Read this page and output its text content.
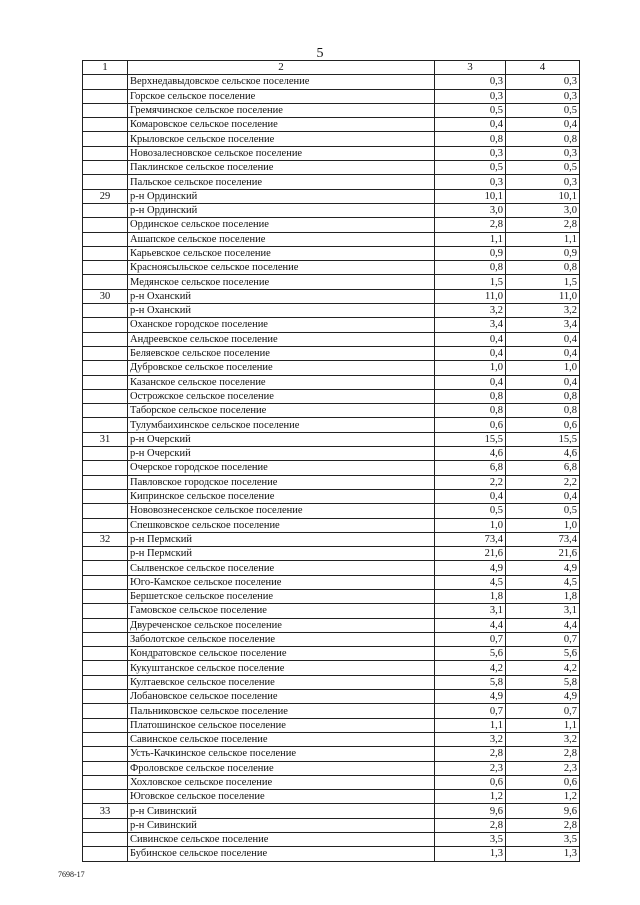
5
1	2	3	4
	Верхнедавыдовское сельское поселение	0,3	0,3
	Горское сельское поселение	0,3	0,3
	Гремячинское сельское поселение	0,5	0,5
	Комаровское сельское поселение	0,4	0,4
	Крыловское сельское поселение	0,8	0,8
	Новозалесновское сельское поселение	0,3	0,3
	Паклинское сельское поселение	0,5	0,5
	Пальское сельское поселение	0,3	0,3
29	р-н Ординский	10,1	10,1
	р-н Ординский	3,0	3,0
	Ординское сельское поселение	2,8	2,8
	Ашапское сельское поселение	1,1	1,1
	Карьевское сельское поселение	0,9	0,9
	Красноясыльское сельское поселение	0,8	0,8
	Медянское сельское поселение	1,5	1,5
30	р-н Оханский	11,0	11,0
	р-н Оханский	3,2	3,2
	Оханское городское поселение	3,4	3,4
	Андреевское сельское поселение	0,4	0,4
	Беляевское сельское поселение	0,4	0,4
	Дубровское сельское поселение	1,0	1,0
	Казанское сельское поселение	0,4	0,4
	Острожское сельское поселение	0,8	0,8
	Таборское сельское поселение	0,8	0,8
	Тулумбаихинское сельское поселение	0,6	0,6
31	р-н Очерский	15,5	15,5
	р-н Очерский	4,6	4,6
	Очерское городское поселение	6,8	6,8
	Павловское городское поселение	2,2	2,2
	Кипринское сельское поселение	0,4	0,4
	Нововознесенское сельское поселение	0,5	0,5
	Спешковское сельское поселение	1,0	1,0
32	р-н Пермский	73,4	73,4
	р-н Пермский	21,6	21,6
	Сылвенское сельское поселение	4,9	4,9
	Юго-Камское сельское поселение	4,5	4,5
	Бершетское сельское поселение	1,8	1,8
	Гамовское сельское поселение	3,1	3,1
	Двуреченское сельское поселение	4,4	4,4
	Заболотское сельское поселение	0,7	0,7
	Кондратовское сельское поселение	5,6	5,6
	Кукуштанское сельское поселение	4,2	4,2
	Култаевское сельское поселение	5,8	5,8
	Лобановское сельское поселение	4,9	4,9
	Пальниковское сельское поселение	0,7	0,7
	Платошинское сельское поселение	1,1	1,1
	Савинское сельское поселение	3,2	3,2
	Усть-Качкинское сельское поселение	2,8	2,8
	Фроловское сельское поселение	2,3	2,3
	Хохловское сельское поселение	0,6	0,6
	Юговское сельское поселение	1,2	1,2
33	р-н Сивинский	9,6	9,6
	р-н Сивинский	2,8	2,8
	Сивинское сельское поселение	3,5	3,5
	Бубинское сельское поселение	1,3	1,3
7698-17
